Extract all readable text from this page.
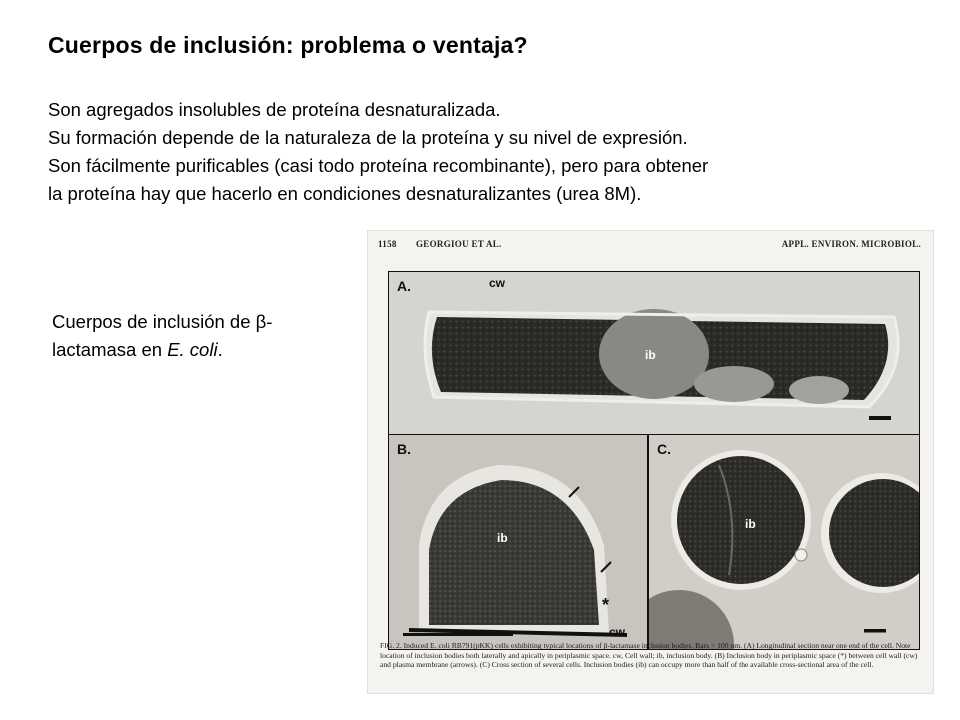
Cuerpos de inclusión: problema o ventaja?
Son agregados insolubles de proteína desnaturalizada.
Su formación depende de la naturaleza de la proteína y su nivel de expresión.
Son fácilmente purificables (casi todo proteína recombinante), pero para obtener
la proteína hay que hacerlo en condiciones desnaturalizantes (urea 8M).
Cuerpos de inclusión de β-lactamasa en E. coli.
1158 GEORGIOU ET AL.	APPL. ENVIRON. MICROBIOL.
A.	cw
ib
B.
ib
*
cw
C.
ib
FIG. 2. Induced E. coli RB791(pKK) cells exhibiting typical locations of β-lactamase inclusion bodies. Bars = 100 nm. (A) Longitudinal section near one end of the cell. Note location of inclusion bodies both laterally and apically in periplasmic space. cw, Cell wall; ib, inclusion body. (B) Inclusion body in periplasmic space (*) between cell wall (cw) and plasma membrane (arrows). (C) Cross section of several cells. Inclusion bodies (ib) can occupy more than half of the available cross-sectional area of the cell.
